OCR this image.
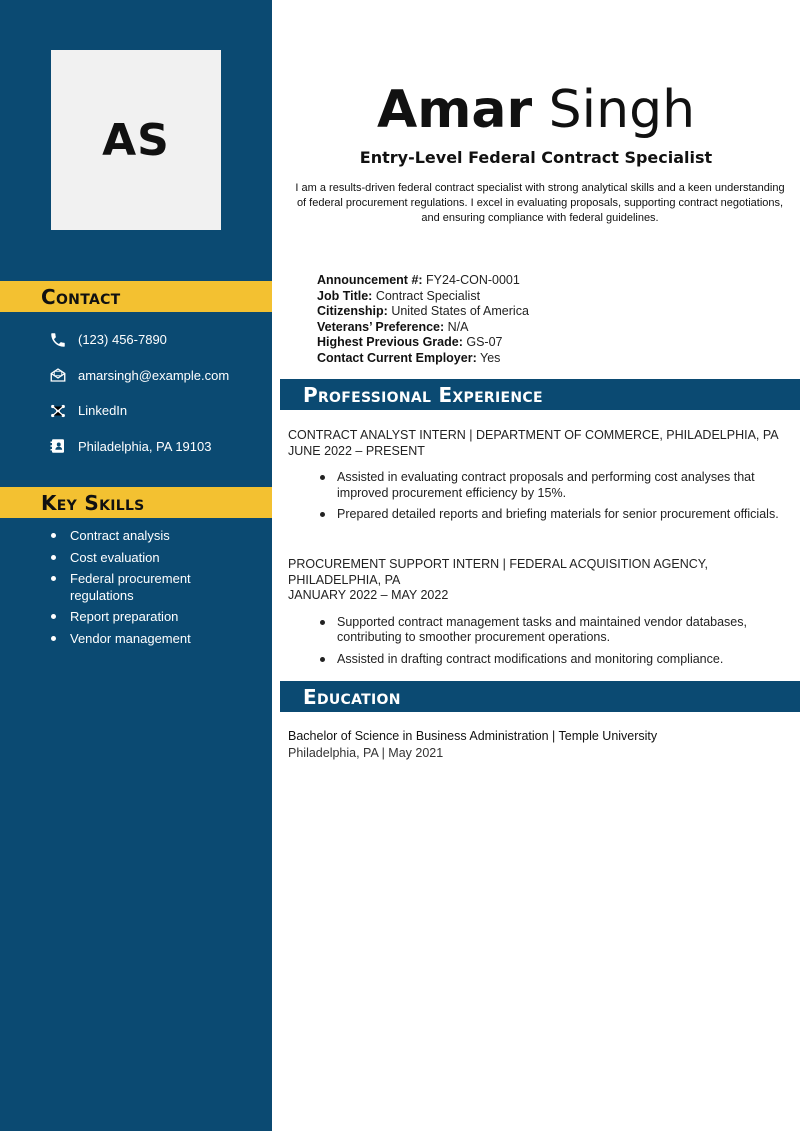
AS
Contact
(123) 456-7890
amarsingh@example.com
LinkedIn
Philadelphia, PA 19103
Key Skills
Contract analysis
Cost evaluation
Federal procurement regulations
Report preparation
Vendor management
Amar Singh
Entry-Level Federal Contract Specialist
I am a results-driven federal contract specialist with strong analytical skills and a keen understanding of federal procurement regulations. I excel in evaluating proposals, supporting contract negotiations, and ensuring compliance with federal guidelines.
Announcement #: FY24-CON-0001
Job Title: Contract Specialist
Citizenship: United States of America
Veterans’ Preference: N/A
Highest Previous Grade: GS-07
Contact Current Employer: Yes
Professional Experience
CONTRACT ANALYST INTERN | DEPARTMENT OF COMMERCE, PHILADELPHIA, PA
JUNE 2022 – PRESENT
Assisted in evaluating contract proposals and performing cost analyses that improved procurement efficiency by 15%.
Prepared detailed reports and briefing materials for senior procurement officials.
PROCUREMENT SUPPORT INTERN | FEDERAL ACQUISITION AGENCY, PHILADELPHIA, PA
JANUARY 2022 – MAY 2022
Supported contract management tasks and maintained vendor databases, contributing to smoother procurement operations.
Assisted in drafting contract modifications and monitoring compliance.
Education
Bachelor of Science in Business Administration | Temple University
Philadelphia, PA | May 2021
